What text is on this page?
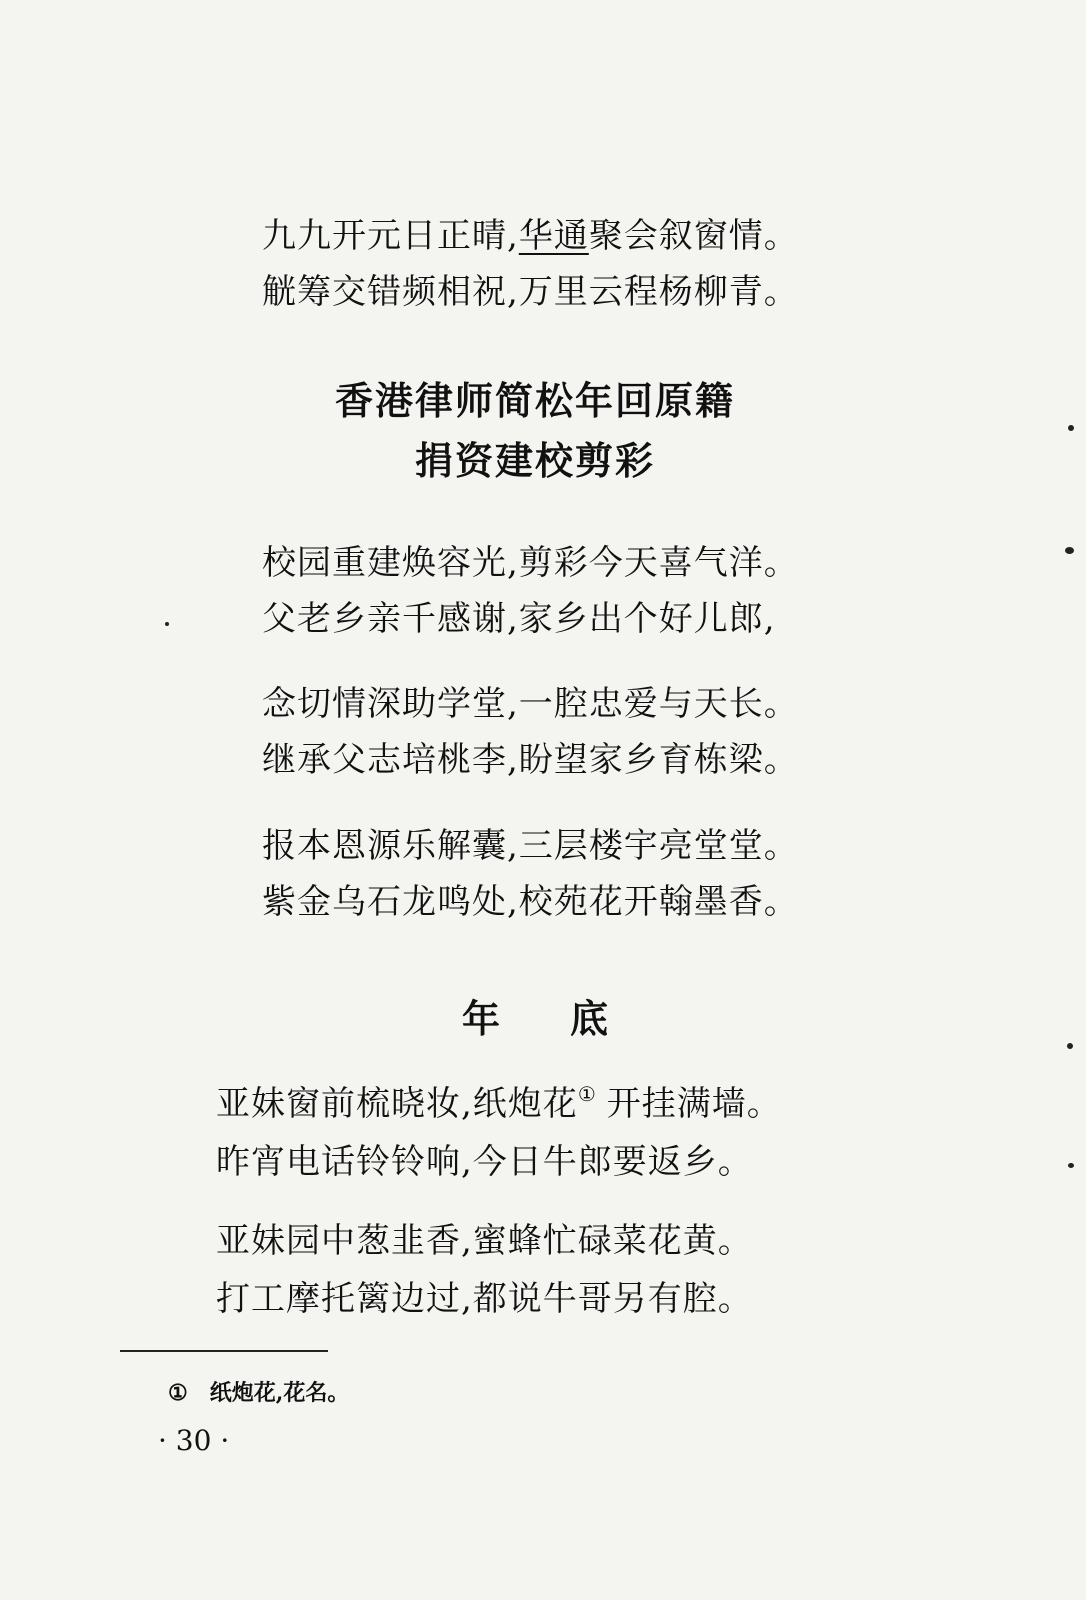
九九开元日正晴,华通聚会叙窗情。
觥筹交错频相祝,万里云程杨柳青。
香港律师简松年回原籍
捐资建校剪彩
校园重建焕容光,剪彩今天喜气洋。
父老乡亲千感谢,家乡出个好儿郎,
念切情深助学堂,一腔忠爱与天长。
继承父志培桃李,盼望家乡育栋梁。
报本恩源乐解囊,三层楼宇亮堂堂。
紫金乌石龙鸣处,校苑花开翰墨香。
年底
亚妹窗前梳晓妆,纸炮花① 开挂满墙。
昨宵电话铃铃响,今日牛郎要返乡。
亚妹园中葱韭香,蜜蜂忙碌菜花黄。
打工摩托篱边过,都说牛哥另有腔。
① 纸炮花,花名。
· 30 ·
